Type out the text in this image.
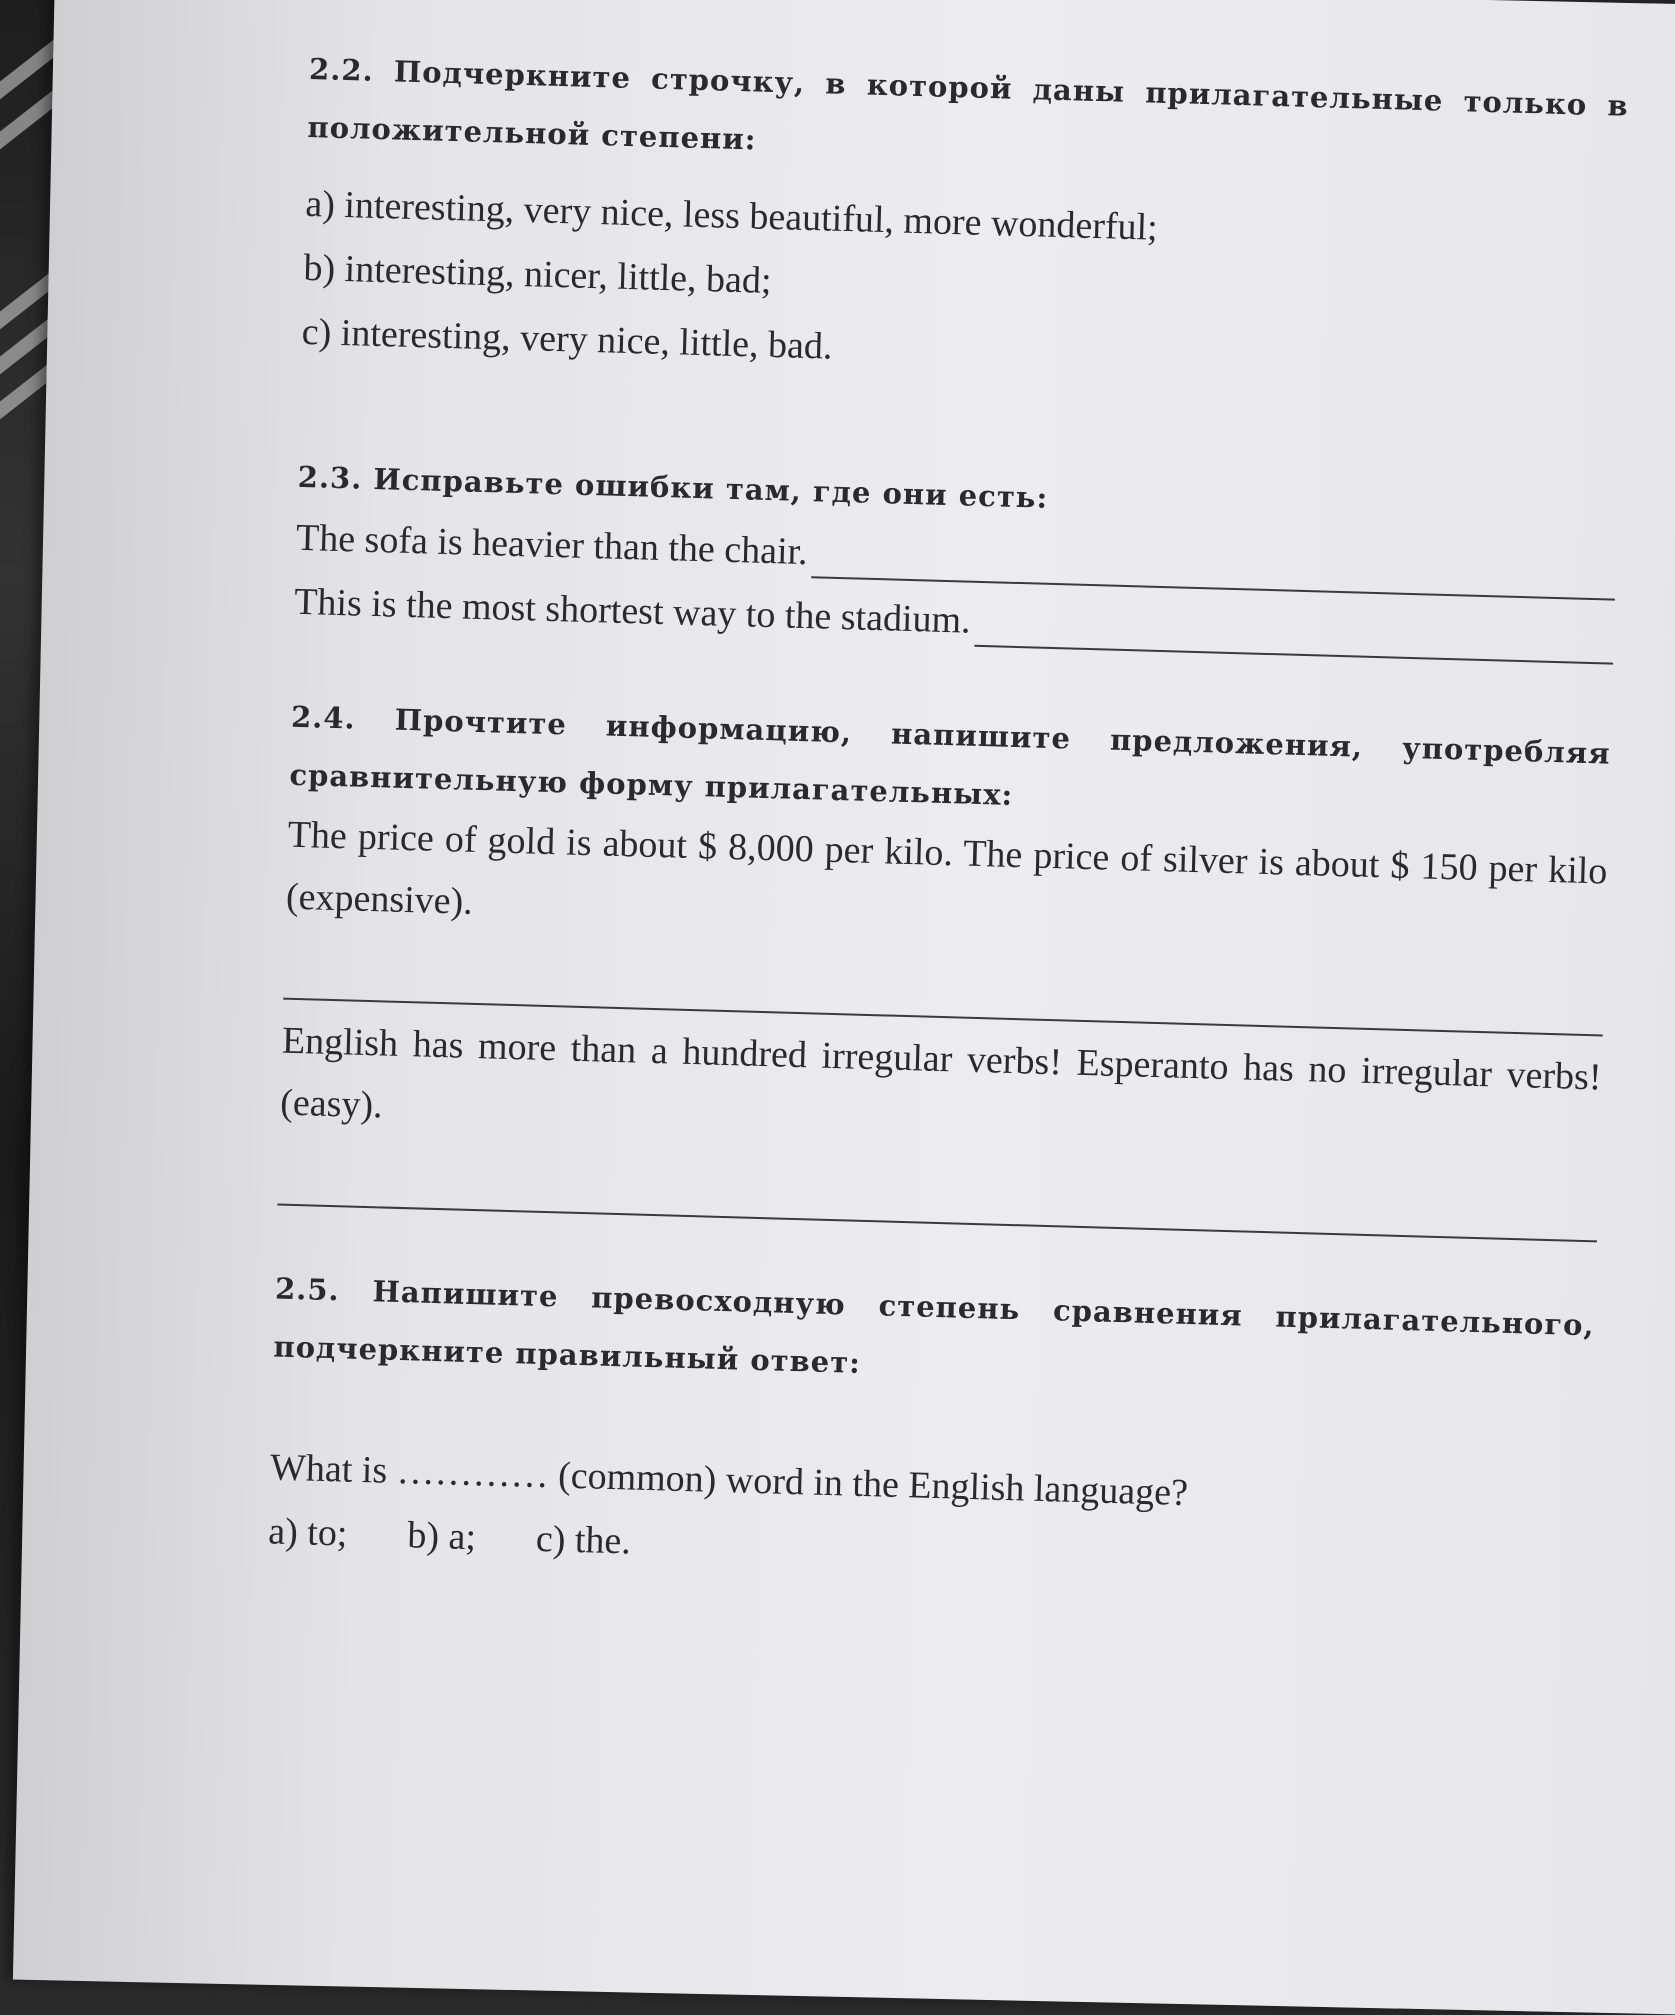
2.2. Подчеркните строчку, в которой даны прилагательные только в положительной степени:

a) interesting, very nice, less beautiful, more wonderful;

b) interesting, nicer, little, bad;

c) interesting, very nice, little, bad.

2.3. Исправьте ошибки там, где они есть:

The sofa is heavier than the chair.
This is the most shortest way to the stadium.

2.4. Прочтите информацию, напишите предложения, употребляя сравнительную форму прилагательных:

The price of gold is about $ 8,000 per kilo. The price of silver is about $ 150 per kilo (expensive).

English has more than a hundred irregular verbs! Esperanto has no irregular verbs! (easy).

2.5. Напишите превосходную степень сравнения прилагательного, подчеркните правильный ответ:

What is ………… (common) word in the English language?

a) to; b) a; c) the.
